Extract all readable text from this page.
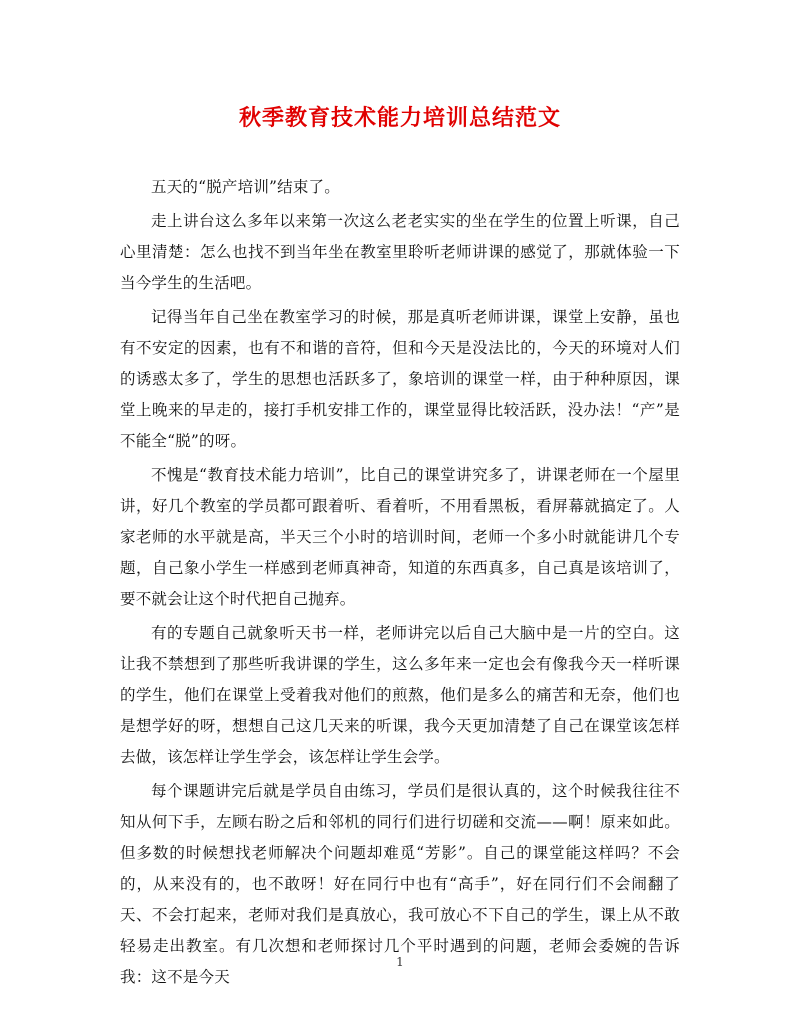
秋季教育技术能力培训总结范文

五天的“脱产培训”结束了。

走上讲台这么多年以来第一次这么老老实实的坐在学生的位置上听课，自己心里清楚：怎么也找不到当年坐在教室里聆听老师讲课的感觉了，那就体验一下当今学生的生活吧。

记得当年自己坐在教室学习的时候，那是真听老师讲课，课堂上安静，虽也有不安定的因素，也有不和谐的音符，但和今天是没法比的，今天的环境对人们的诱惑太多了，学生的思想也活跃多了，象培训的课堂一样，由于种种原因，课堂上晚来的早走的，接打手机安排工作的，课堂显得比较活跃，没办法！“产”是不能全“脱”的呀。

不愧是“教育技术能力培训”，比自己的课堂讲究多了，讲课老师在一个屋里讲，好几个教室的学员都可跟着听、看着听，不用看黑板，看屏幕就搞定了。人家老师的水平就是高，半天三个小时的培训时间，老师一个多小时就能讲几个专题，自己象小学生一样感到老师真神奇，知道的东西真多，自己真是该培训了，要不就会让这个时代把自己抛弃。

有的专题自己就象听天书一样，老师讲完以后自己大脑中是一片的空白。这让我不禁想到了那些听我讲课的学生，这么多年来一定也会有像我今天一样听课的学生，他们在课堂上受着我对他们的煎熬，他们是多么的痛苦和无奈，他们也是想学好的呀，想想自己这几天来的听课，我今天更加清楚了自己在课堂该怎样去做，该怎样让学生学会，该怎样让学生会学。

每个课题讲完后就是学员自由练习，学员们是很认真的，这个时候我往往不知从何下手，左顾右盼之后和邻机的同行们进行切磋和交流——啊！原来如此。但多数的时候想找老师解决个问题却难觅“芳影”。自己的课堂能这样吗？不会的，从来没有的，也不敢呀！好在同行中也有“高手”，好在同行们不会闹翻了天、不会打起来，老师对我们是真放心，我可放心不下自己的学生，课上从不敢轻易走出教室。有几次想和老师探讨几个平时遇到的问题，老师会委婉的告诉我：这不是今天

1
